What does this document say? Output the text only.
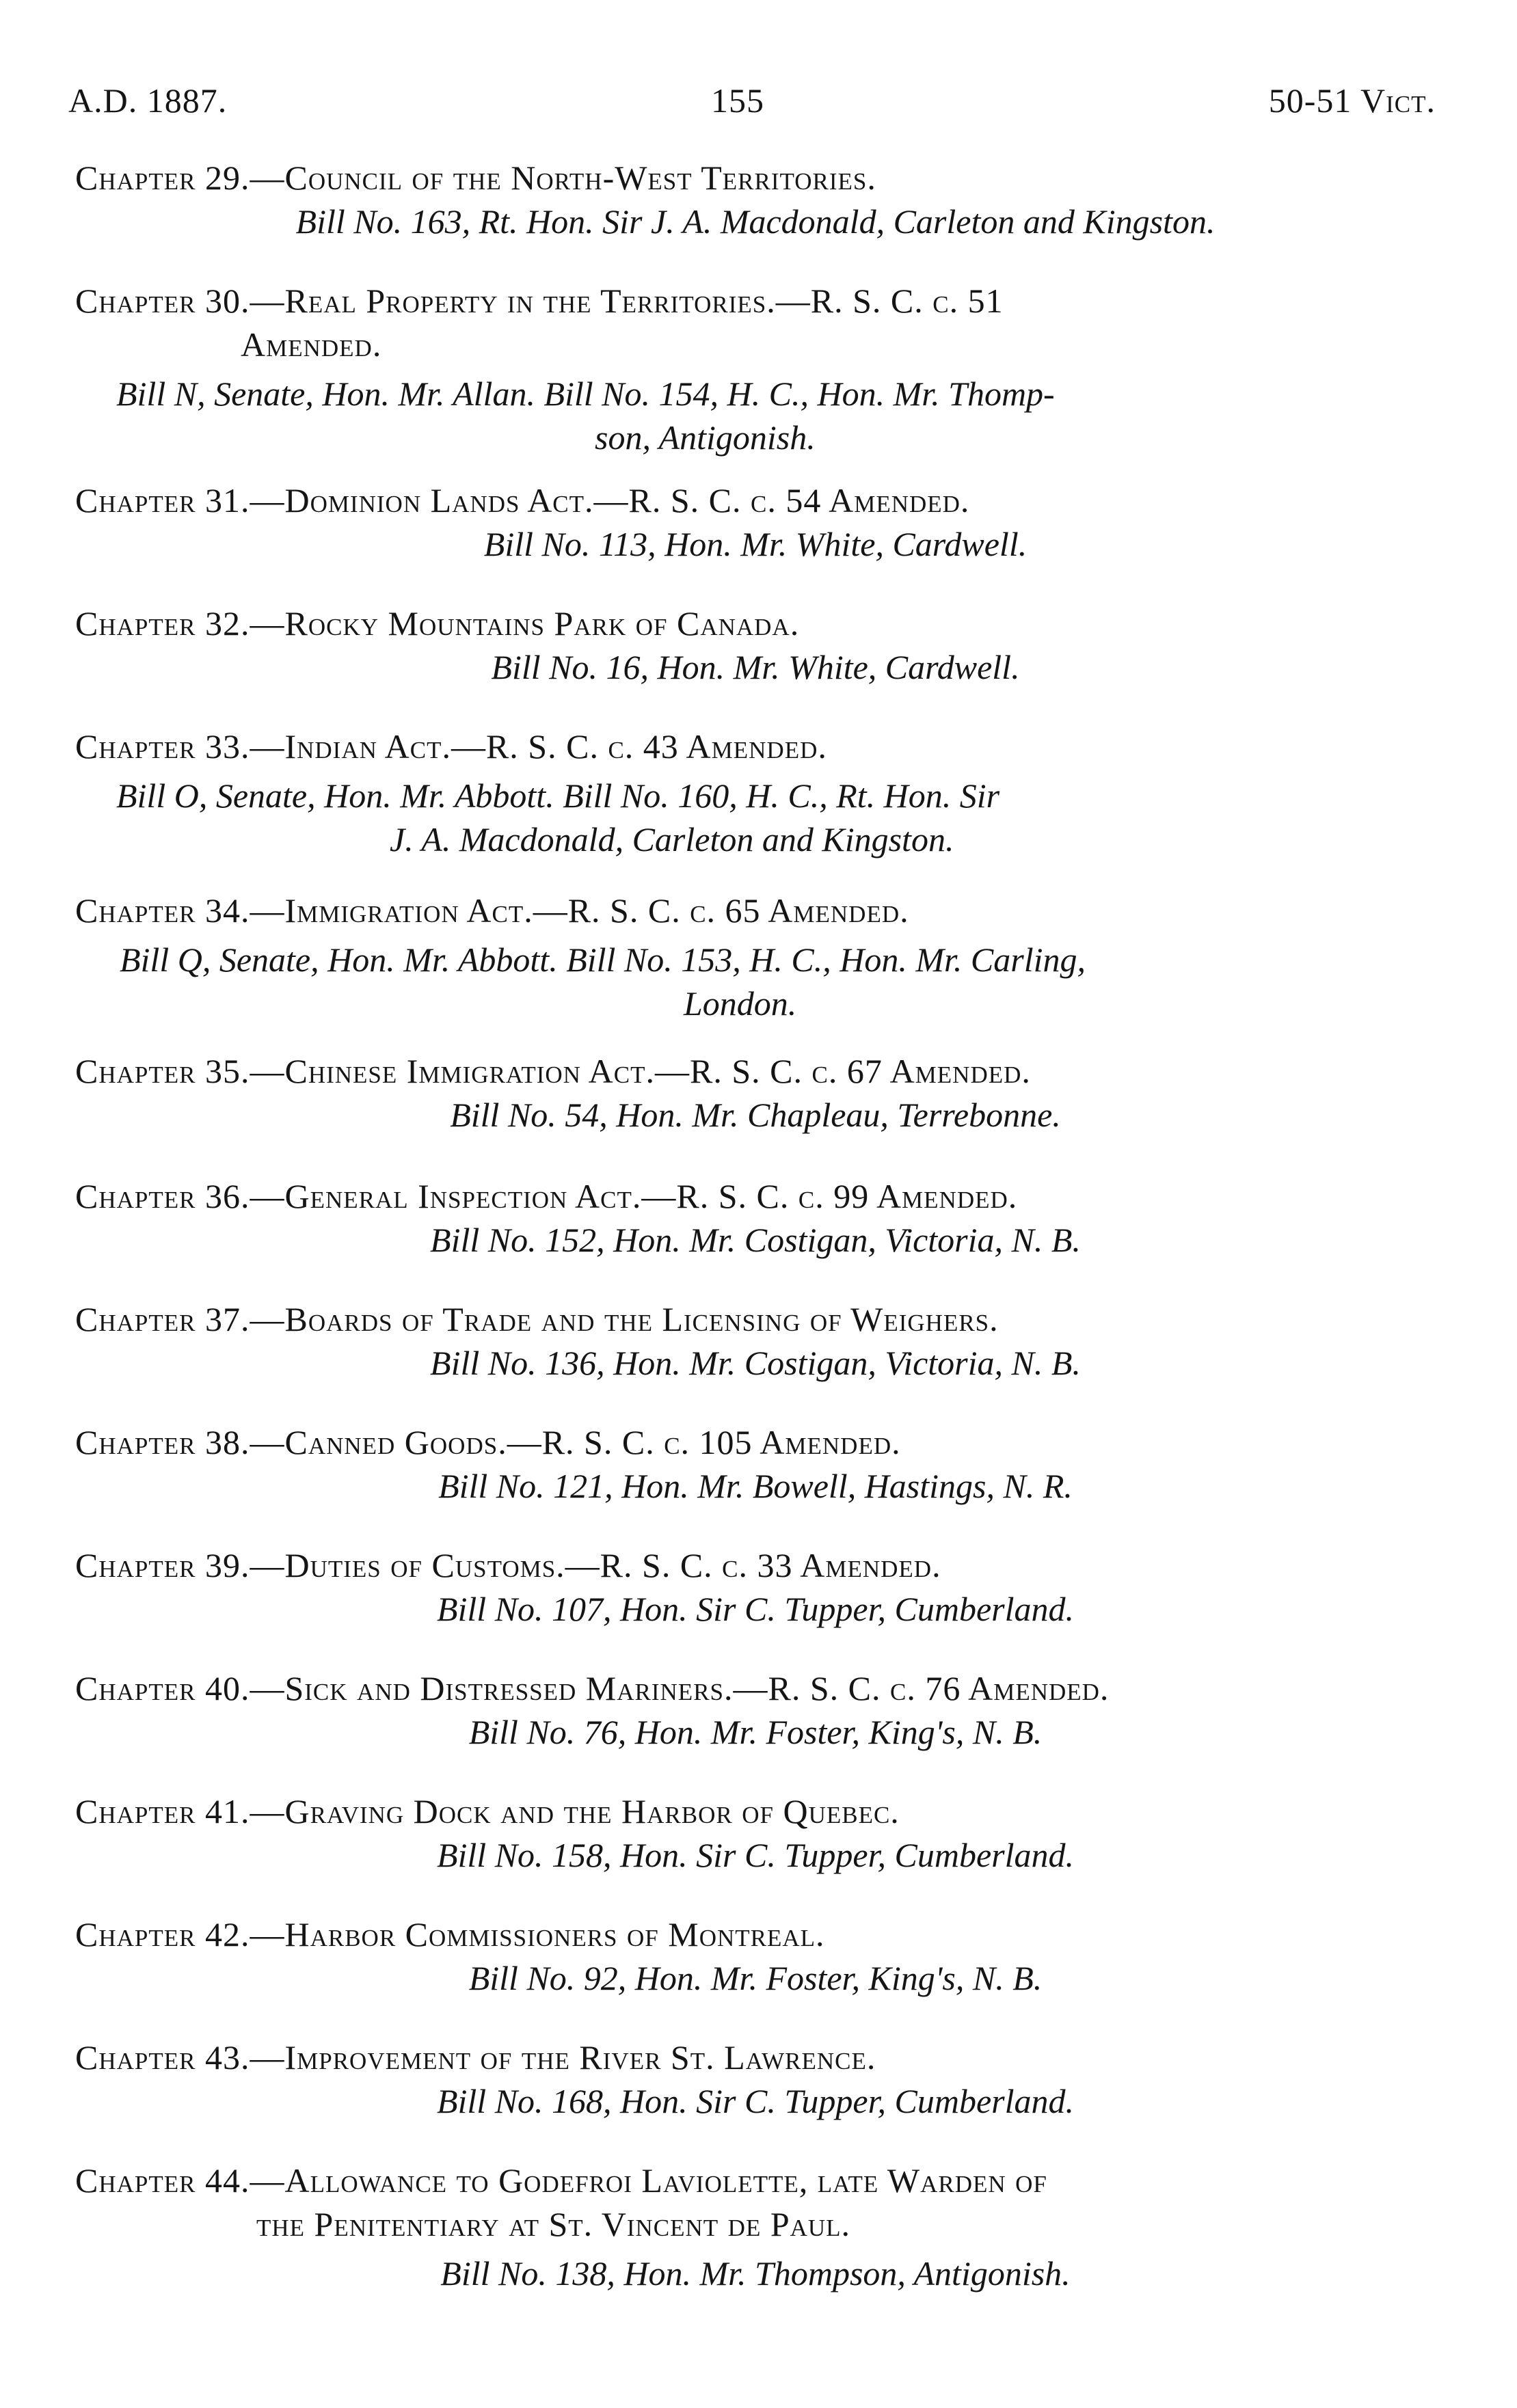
A.D. 1887.	155	50-51 Vict.
Chapter 29.—Council of the North-West Territories.
Bill No. 163, Rt. Hon. Sir J. A. Macdonald, Carleton and Kingston.
Chapter 30.—Real Property in the Territories.—R. S. C. c. 51
Amended.
Bill N, Senate, Hon. Mr. Allan. Bill No. 154, H. C., Hon. Mr. Thomp-
son, Antigonish.
Chapter 31.—Dominion Lands Act.—R. S. C. c. 54 Amended.
Bill No. 113, Hon. Mr. White, Cardwell.
Chapter 32.—Rocky Mountains Park of Canada.
Bill No. 16, Hon. Mr. White, Cardwell.
Chapter 33.—Indian Act.—R. S. C. c. 43 Amended.
Bill O, Senate, Hon. Mr. Abbott. Bill No. 160, H. C., Rt. Hon. Sir
J. A. Macdonald, Carleton and Kingston.
Chapter 34.—Immigration Act.—R. S. C. c. 65 Amended.
Bill Q, Senate, Hon. Mr. Abbott. Bill No. 153, H. C., Hon. Mr. Carling,
London.
Chapter 35.—Chinese Immigration Act.—R. S. C. c. 67 Amended.
Bill No. 54, Hon. Mr. Chapleau, Terrebonne.
Chapter 36.—General Inspection Act.—R. S. C. c. 99 Amended.
Bill No. 152, Hon. Mr. Costigan, Victoria, N. B.
Chapter 37.—Boards of Trade and the Licensing of Weighers.
Bill No. 136, Hon. Mr. Costigan, Victoria, N. B.
Chapter 38.—Canned Goods.—R. S. C. c. 105 Amended.
Bill No. 121, Hon. Mr. Bowell, Hastings, N. R.
Chapter 39.—Duties of Customs.—R. S. C. c. 33 Amended.
Bill No. 107, Hon. Sir C. Tupper, Cumberland.
Chapter 40.—Sick and Distressed Mariners.—R. S. C. c. 76 Amended.
Bill No. 76, Hon. Mr. Foster, King's, N. B.
Chapter 41.—Graving Dock and the Harbor of Quebec.
Bill No. 158, Hon. Sir C. Tupper, Cumberland.
Chapter 42.—Harbor Commissioners of Montreal.
Bill No. 92, Hon. Mr. Foster, King's, N. B.
Chapter 43.—Improvement of the River St. Lawrence.
Bill No. 168, Hon. Sir C. Tupper, Cumberland.
Chapter 44.—Allowance to Godefroi Laviolette, late Warden of
the Penitentiary at St. Vincent de Paul.
Bill No. 138, Hon. Mr. Thompson, Antigonish.
